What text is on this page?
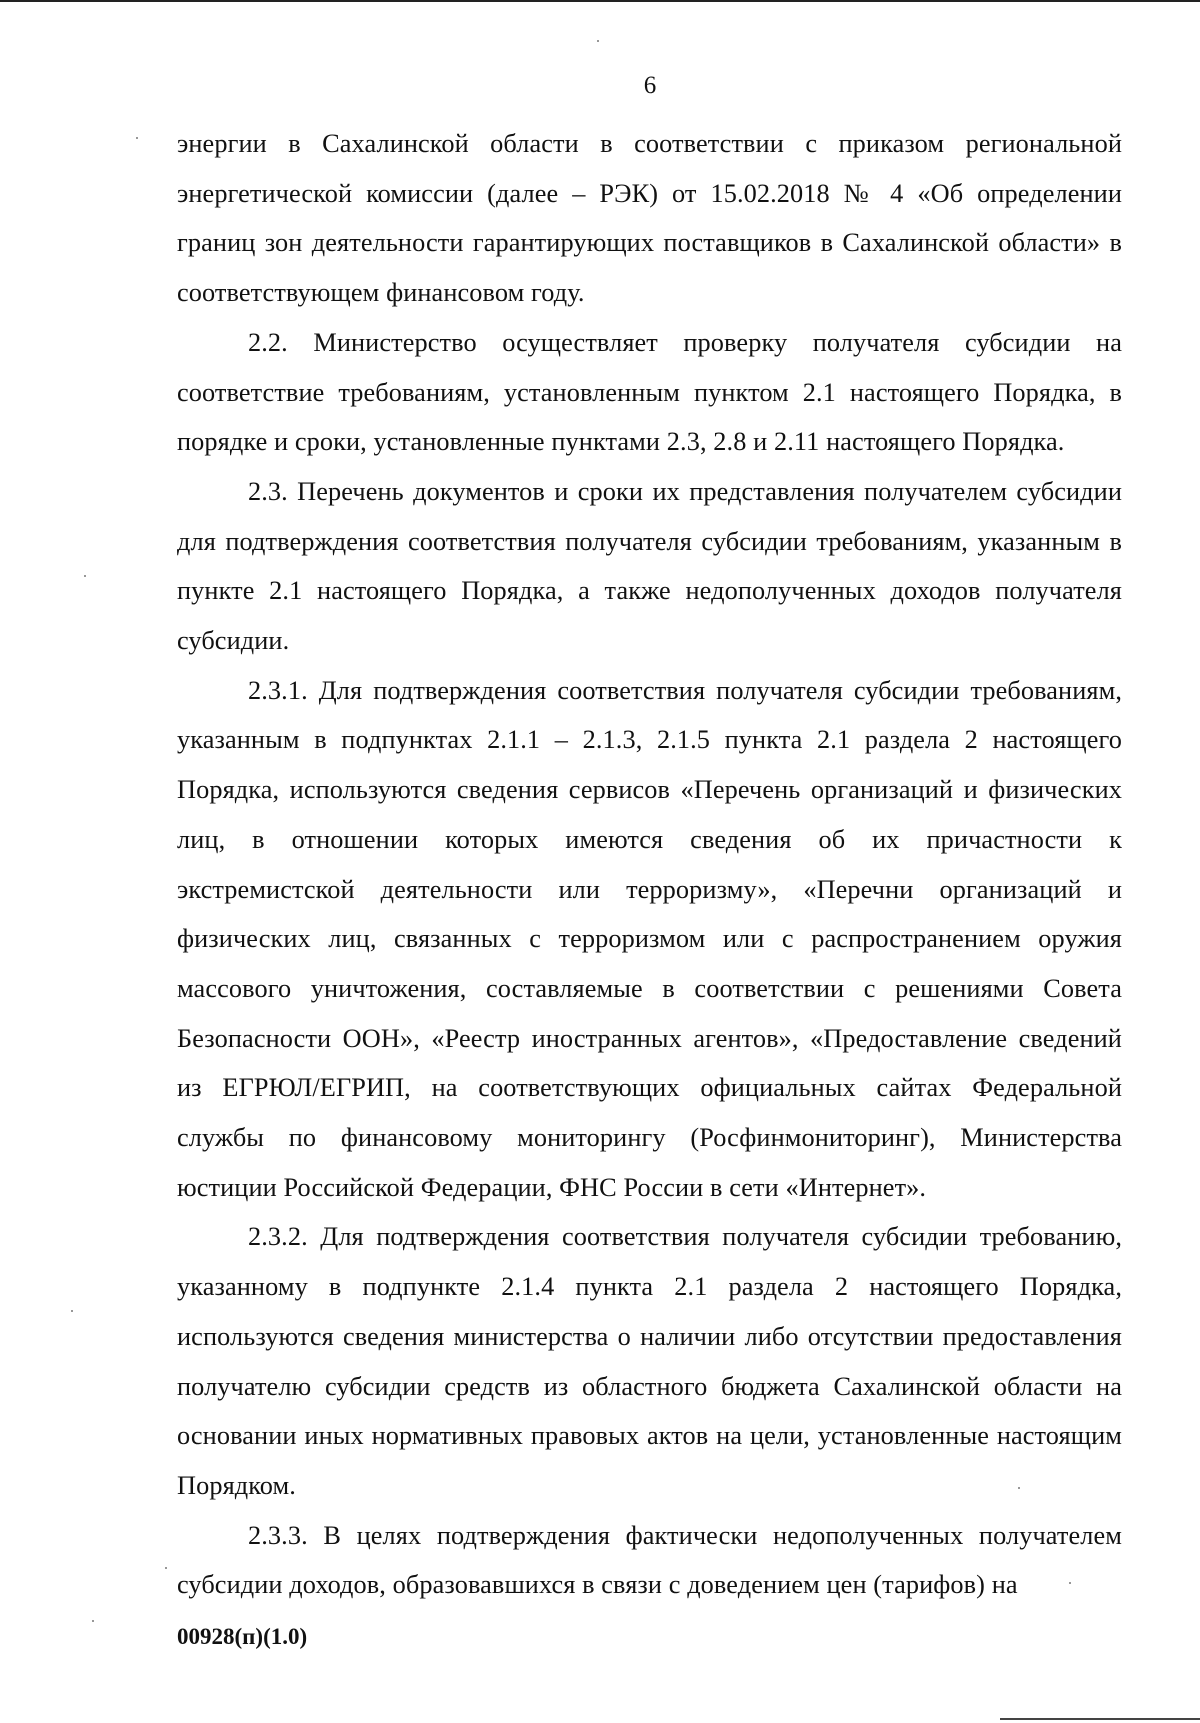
6

энергии в Сахалинской области в соответствии с приказом региональной энергетической комиссии (далее – РЭК) от 15.02.2018 № 4 «Об определении границ зон деятельности гарантирующих поставщиков в Сахалинской области» в соответствующем финансовом году.

2.2. Министерство осуществляет проверку получателя субсидии на соответствие требованиям, установленным пунктом 2.1 настоящего Порядка, в порядке и сроки, установленные пунктами 2.3, 2.8 и 2.11 настоящего Порядка.

2.3. Перечень документов и сроки их представления получателем субсидии для подтверждения соответствия получателя субсидии требованиям, указанным в пункте 2.1 настоящего Порядка, а также недополученных доходов получателя субсидии.

2.3.1. Для подтверждения соответствия получателя субсидии требованиям, указанным в подпунктах 2.1.1 – 2.1.3, 2.1.5 пункта 2.1 раздела 2 настоящего Порядка, используются сведения сервисов «Перечень организаций и физических лиц, в отношении которых имеются сведения об их причастности к экстремистской деятельности или терроризму», «Перечни организаций и физических лиц, связанных с терроризмом или с распространением оружия массового уничтожения, составляемые в соответствии с решениями Совета Безопасности ООН», «Реестр иностранных агентов», «Предоставление сведений из ЕГРЮЛ/ЕГРИП, на соответствующих официальных сайтах Федеральной службы по финансовому мониторингу (Росфинмониторинг), Министерства юстиции Российской Федерации, ФНС России в сети «Интернет».

2.3.2. Для подтверждения соответствия получателя субсидии требованию, указанному в подпункте 2.1.4 пункта 2.1 раздела 2 настоящего Порядка, используются сведения министерства о наличии либо отсутствии предоставления получателю субсидии средств из областного бюджета Сахалинской области на основании иных нормативных правовых актов на цели, установленные настоящим Порядком.

2.3.3. В целях подтверждения фактически недополученных получателем субсидии доходов, образовавшихся в связи с доведением цен (тарифов) на

00928(п)(1.0)
